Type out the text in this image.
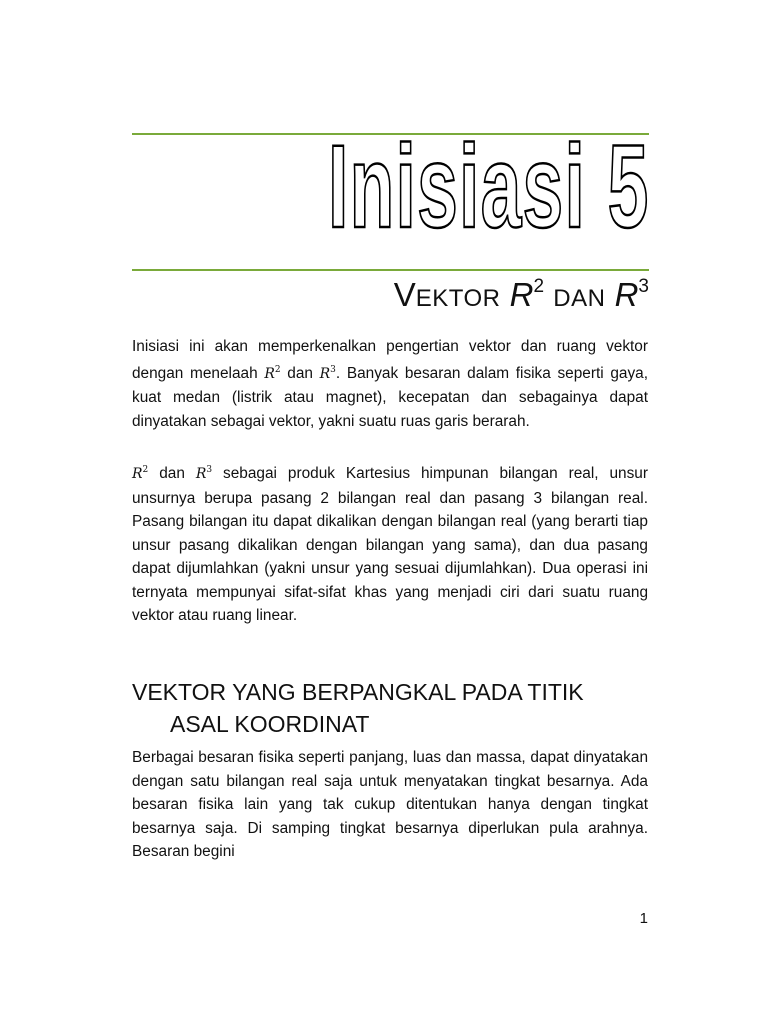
Inisiasi 5
VEKTOR $R^2$ DAN $R^3$

Inisiasi ini akan memperkenalkan pengertian vektor dan ruang vektor dengan menelaah $R^2$ dan $R^3$. Banyak besaran dalam fisika seperti gaya, kuat medan (listrik atau magnet), kecepatan dan sebagainya dapat dinyatakan sebagai vektor, yakni suatu ruas garis berarah.

$R^2$ dan $R^3$ sebagai produk Kartesius himpunan bilangan real, unsur unsurnya berupa pasang 2 bilangan real dan pasang 3 bilangan real. Pasang bilangan itu dapat dikalikan dengan bilangan real (yang berarti tiap unsur pasang dikalikan dengan bilangan yang sama), dan dua pasang dapat dijumlahkan (yakni unsur yang sesuai dijumlahkan). Dua operasi ini ternyata mempunyai sifat-sifat khas yang menjadi ciri dari suatu ruang vektor atau ruang linear.

VEKTOR YANG BERPANGKAL PADA TITIK
ASAL KOORDINAT

Berbagai besaran fisika seperti panjang, luas dan massa, dapat dinyatakan dengan satu bilangan real saja untuk menyatakan tingkat besarnya. Ada besaran fisika lain yang tak cukup ditentukan hanya dengan tingkat besarnya saja. Di samping tingkat besarnya diperlukan pula arahnya. Besaran begini

1
